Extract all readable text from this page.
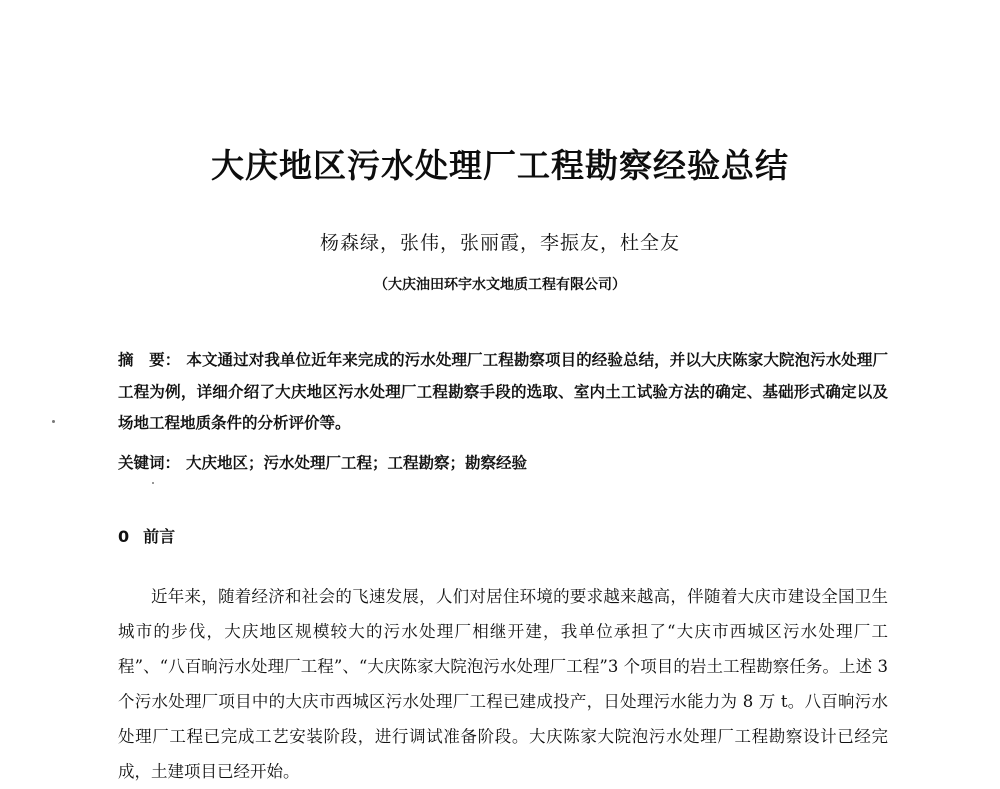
大庆地区污水处理厂工程勘察经验总结
杨森绿，张伟，张丽霞，李振友，杜全友
（大庆油田环宇水文地质工程有限公司）
摘　要： 本文通过对我单位近年来完成的污水处理厂工程勘察项目的经验总结，并以大庆陈家大院泡污水处理厂工程为例，详细介绍了大庆地区污水处理厂工程勘察手段的选取、室内土工试验方法的确定、基础形式确定以及场地工程地质条件的分析评价等。
关键词： 大庆地区；污水处理厂工程；工程勘察；勘察经验
0 前言

近年来，随着经济和社会的飞速发展，人们对居住环境的要求越来越高，伴随着大庆市建设全国卫生城市的步伐，大庆地区规模较大的污水处理厂相继开建，我单位承担了“大庆市西城区污水处理厂工程”、“八百晌污水处理厂工程”、“大庆陈家大院泡污水处理厂工程”3 个项目的岩土工程勘察任务。上述 3 个污水处理厂项目中的大庆市西城区污水处理厂工程已建成投产，日处理污水能力为 8 万 t。八百晌污水处理厂工程已完成工艺安装阶段，进行调试准备阶段。大庆陈家大院泡污水处理厂工程勘察设计已经完成，土建项目已经开始。
